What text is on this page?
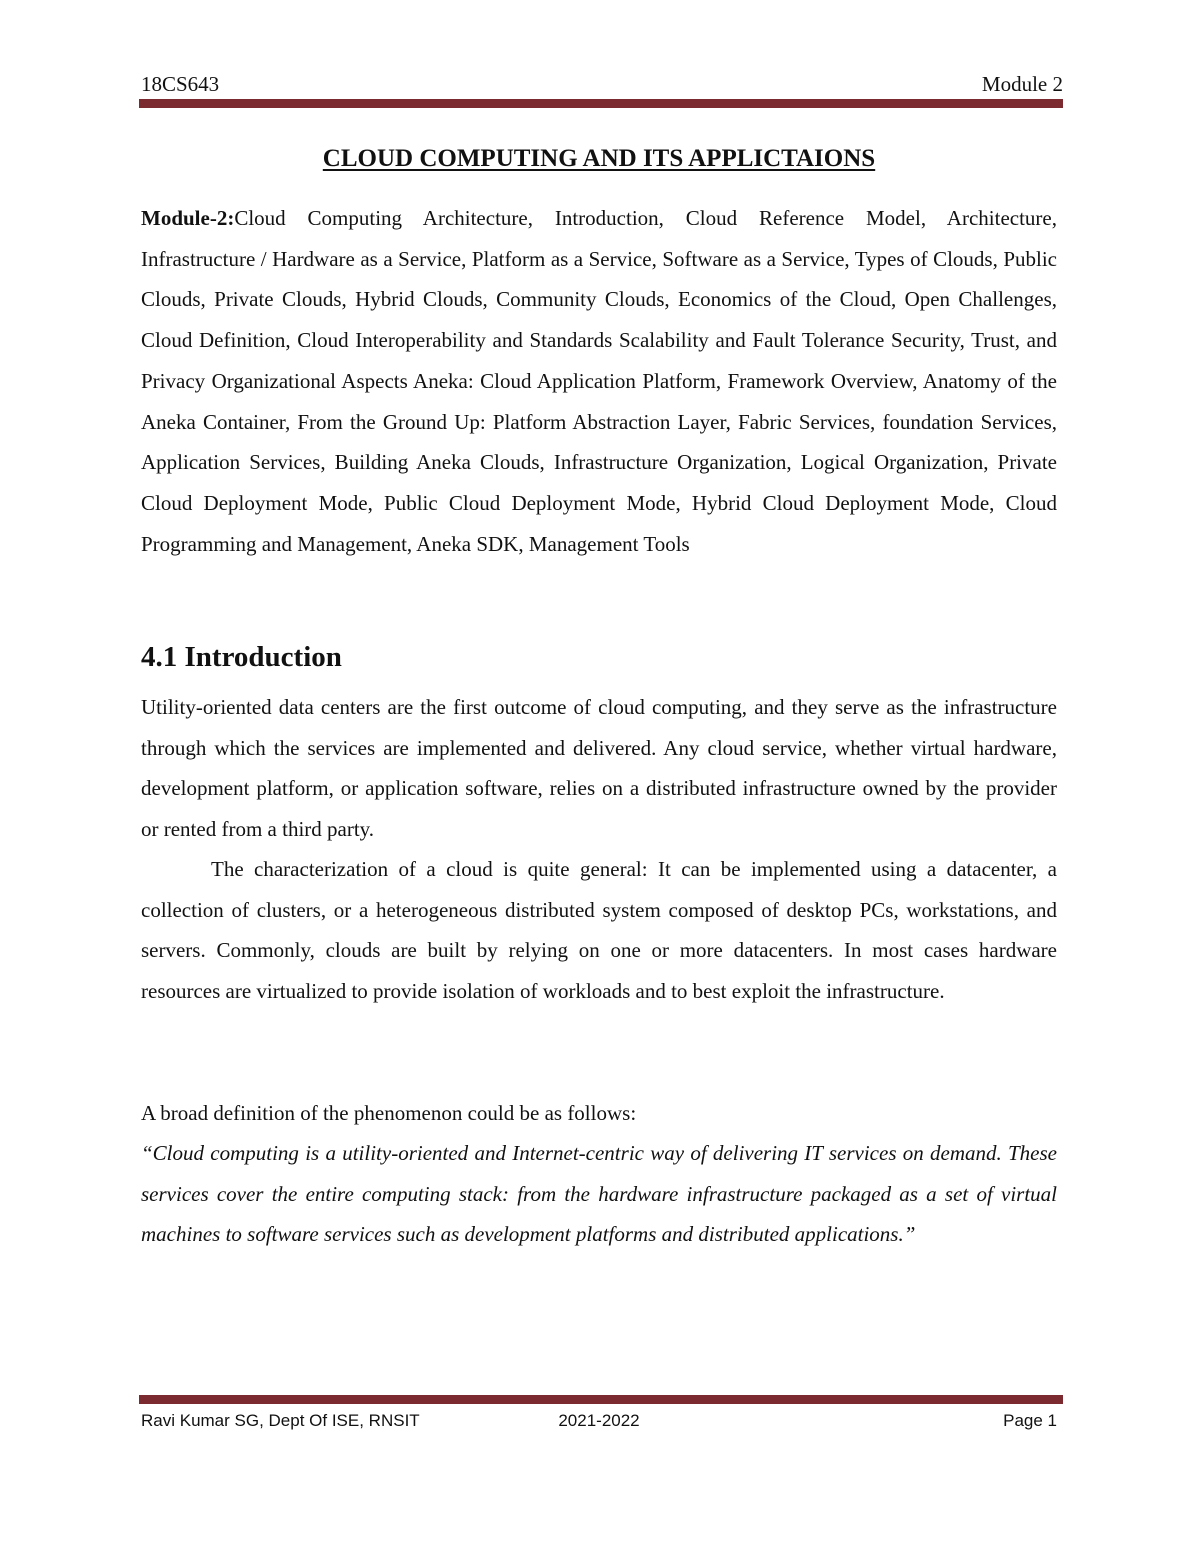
18CS643	Module 2
CLOUD COMPUTING AND ITS APPLICTAIONS
Module-2:Cloud Computing Architecture, Introduction, Cloud Reference Model, Architecture, Infrastructure / Hardware as a Service, Platform as a Service, Software as a Service, Types of Clouds, Public Clouds, Private Clouds, Hybrid Clouds, Community Clouds, Economics of the Cloud, Open Challenges, Cloud Definition, Cloud Interoperability and Standards Scalability and Fault Tolerance Security, Trust, and Privacy Organizational Aspects Aneka: Cloud Application Platform, Framework Overview, Anatomy of the Aneka Container, From the Ground Up: Platform Abstraction Layer, Fabric Services, foundation Services, Application Services, Building Aneka Clouds, Infrastructure Organization, Logical Organization, Private Cloud Deployment Mode, Public Cloud Deployment Mode, Hybrid Cloud Deployment Mode, Cloud Programming and Management, Aneka SDK, Management Tools
4.1 Introduction
Utility-oriented data centers are the first outcome of cloud computing, and they serve as the infrastructure through which the services are implemented and delivered. Any cloud service, whether virtual hardware, development platform, or application software, relies on a distributed infrastructure owned by the provider or rented from a third party.
The characterization of a cloud is quite general: It can be implemented using a datacenter, a collection of clusters, or a heterogeneous distributed system composed of desktop PCs, workstations, and servers. Commonly, clouds are built by relying on one or more datacenters. In most cases hardware resources are virtualized to provide isolation of workloads and to best exploit the infrastructure.
A broad definition of the phenomenon could be as follows:
“Cloud computing is a utility-oriented and Internet-centric way of delivering IT services on demand. These services cover the entire computing stack: from the hardware infrastructure packaged as a set of virtual machines to software services such as development platforms and distributed applications.”
Ravi Kumar SG, Dept Of ISE, RNSIT	2021-2022	Page 1
